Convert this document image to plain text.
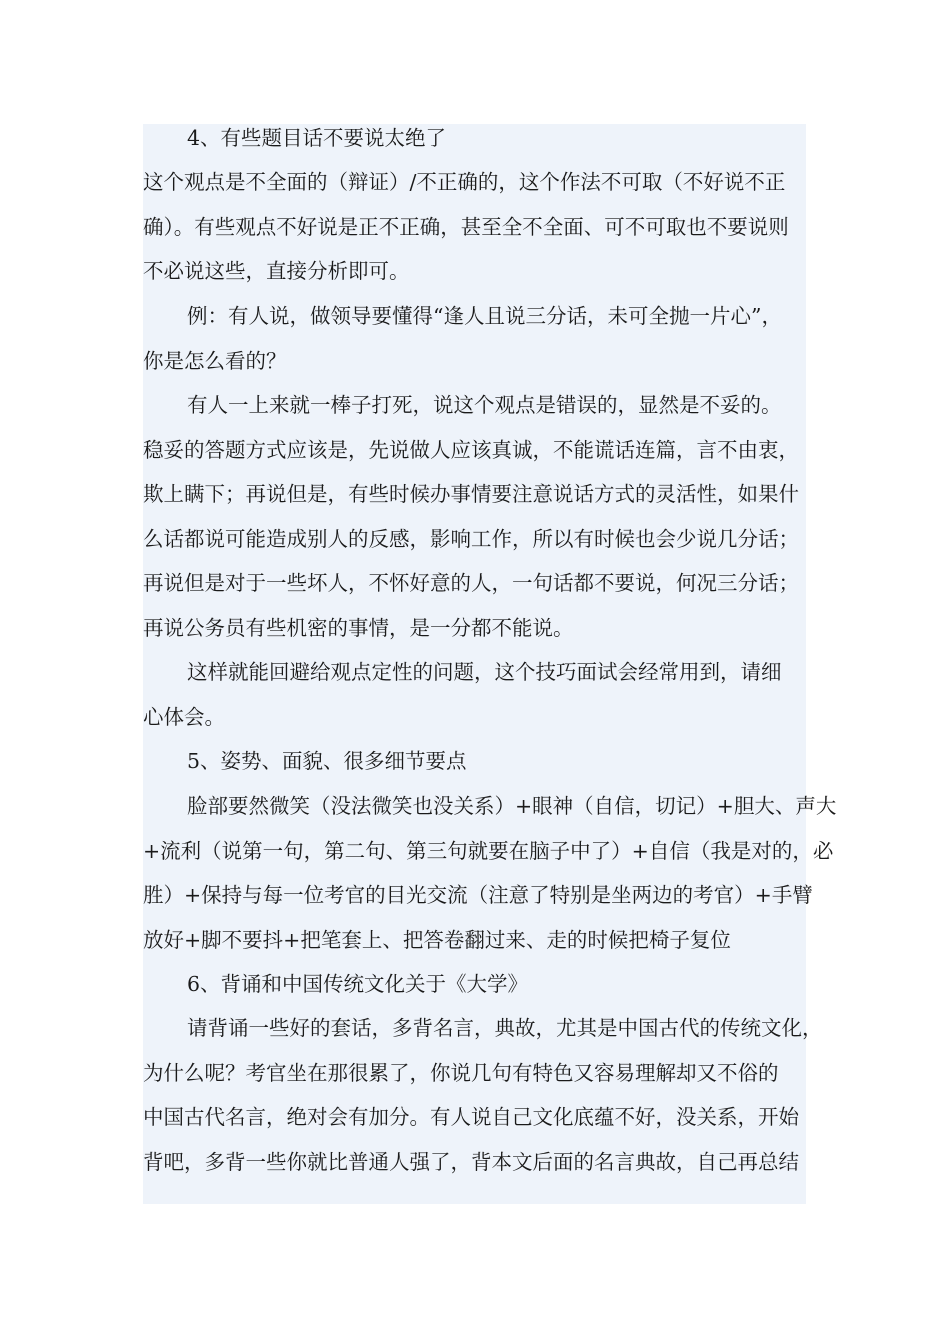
4、有些题目话不要说太绝了
这个观点是不全面的（辩证）/不正确的，这个作法不可取（不好说不正
确）。有些观点不好说是正不正确，甚至全不全面、可不可取也不要说则
不必说这些，直接分析即可。
例：有人说，做领导要懂得“逢人且说三分话，未可全抛一片心”，
你是怎么看的？
有人一上来就一棒子打死，说这个观点是错误的，显然是不妥的。
稳妥的答题方式应该是，先说做人应该真诚，不能谎话连篇，言不由衷，
欺上瞒下；再说但是，有些时候办事情要注意说话方式的灵活性，如果什
么话都说可能造成别人的反感，影响工作，所以有时候也会少说几分话；
再说但是对于一些坏人，不怀好意的人，一句话都不要说，何况三分话；
再说公务员有些机密的事情，是一分都不能说。
这样就能回避给观点定性的问题，这个技巧面试会经常用到，请细
心体会。
5、姿势、面貌、很多细节要点
脸部要然微笑（没法微笑也没关系）+眼神（自信，切记）+胆大、声大
+流利（说第一句，第二句、第三句就要在脑子中了）+自信（我是对的，必
胜）+保持与每一位考官的目光交流（注意了特别是坐两边的考官）+手臂
放好+脚不要抖+把笔套上、把答卷翻过来、走的时候把椅子复位
6、背诵和中国传统文化关于《大学》
请背诵一些好的套话，多背名言，典故，尤其是中国古代的传统文化，
为什么呢？考官坐在那很累了，你说几句有特色又容易理解却又不俗的
中国古代名言，绝对会有加分。有人说自己文化底蕴不好，没关系，开始
背吧，多背一些你就比普通人强了，背本文后面的名言典故，自己再总结
